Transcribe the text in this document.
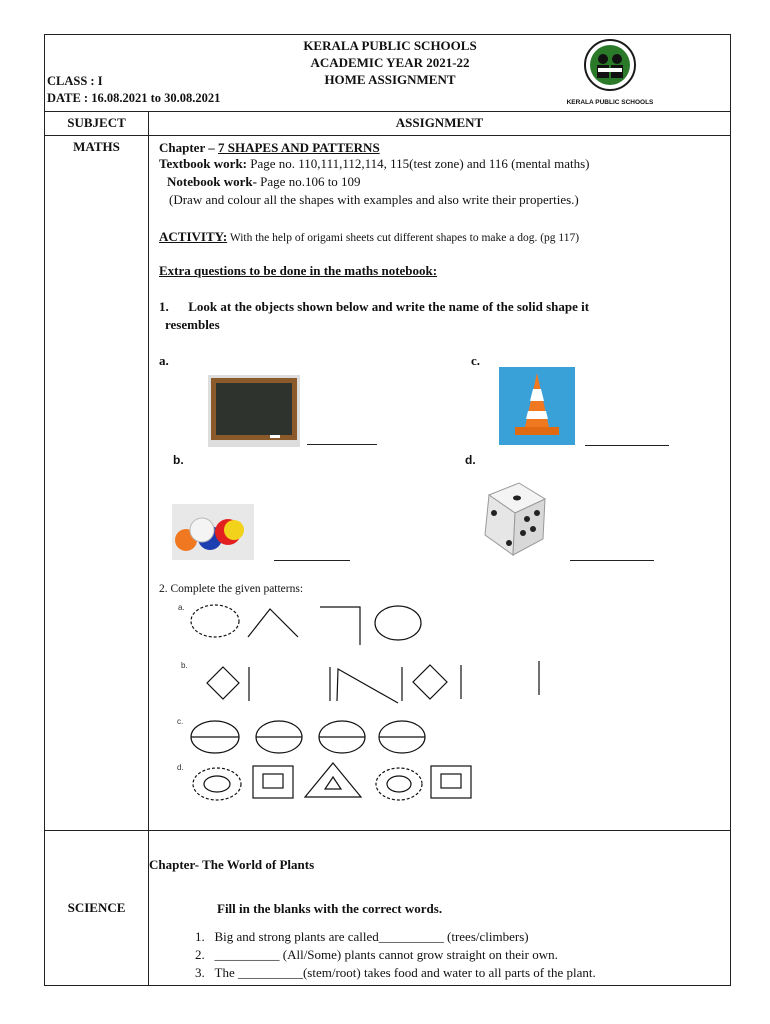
KERALA PUBLIC SCHOOLS
ACADEMIC YEAR 2021-22
HOME ASSIGNMENT
CLASS : I
DATE : 16.08.2021 to 30.08.2021	KERALA PUBLIC SCHOOLS
SUBJECT	ASSIGNMENT
MATHS	Chapter – 7 SHAPES AND PATTERNS
Textbook work: Page no. 110,111,112,114, 115(test zone) and 116 (mental maths)
Notebook work- Page no.106 to 109
(Draw and colour all the shapes with examples and also write their properties.)
ACTIVITY: With the help of origami sheets cut different shapes to make a dog. (pg 117)
Extra questions to be done in the maths notebook:
1.      Look at the objects shown below and write the name of the solid shape it
resembles
a.	c.
b.	d.
2. Complete the given patterns:
a.
b.
c.
d.
Chapter- The World of Plants
SCIENCE	Fill in the blanks with the correct words.
1. Big and strong plants are called__________ (trees/climbers)
2. __________ (All/Some) plants cannot grow straight on their own.
3. The __________(stem/root) takes food and water to all parts of the plant.
